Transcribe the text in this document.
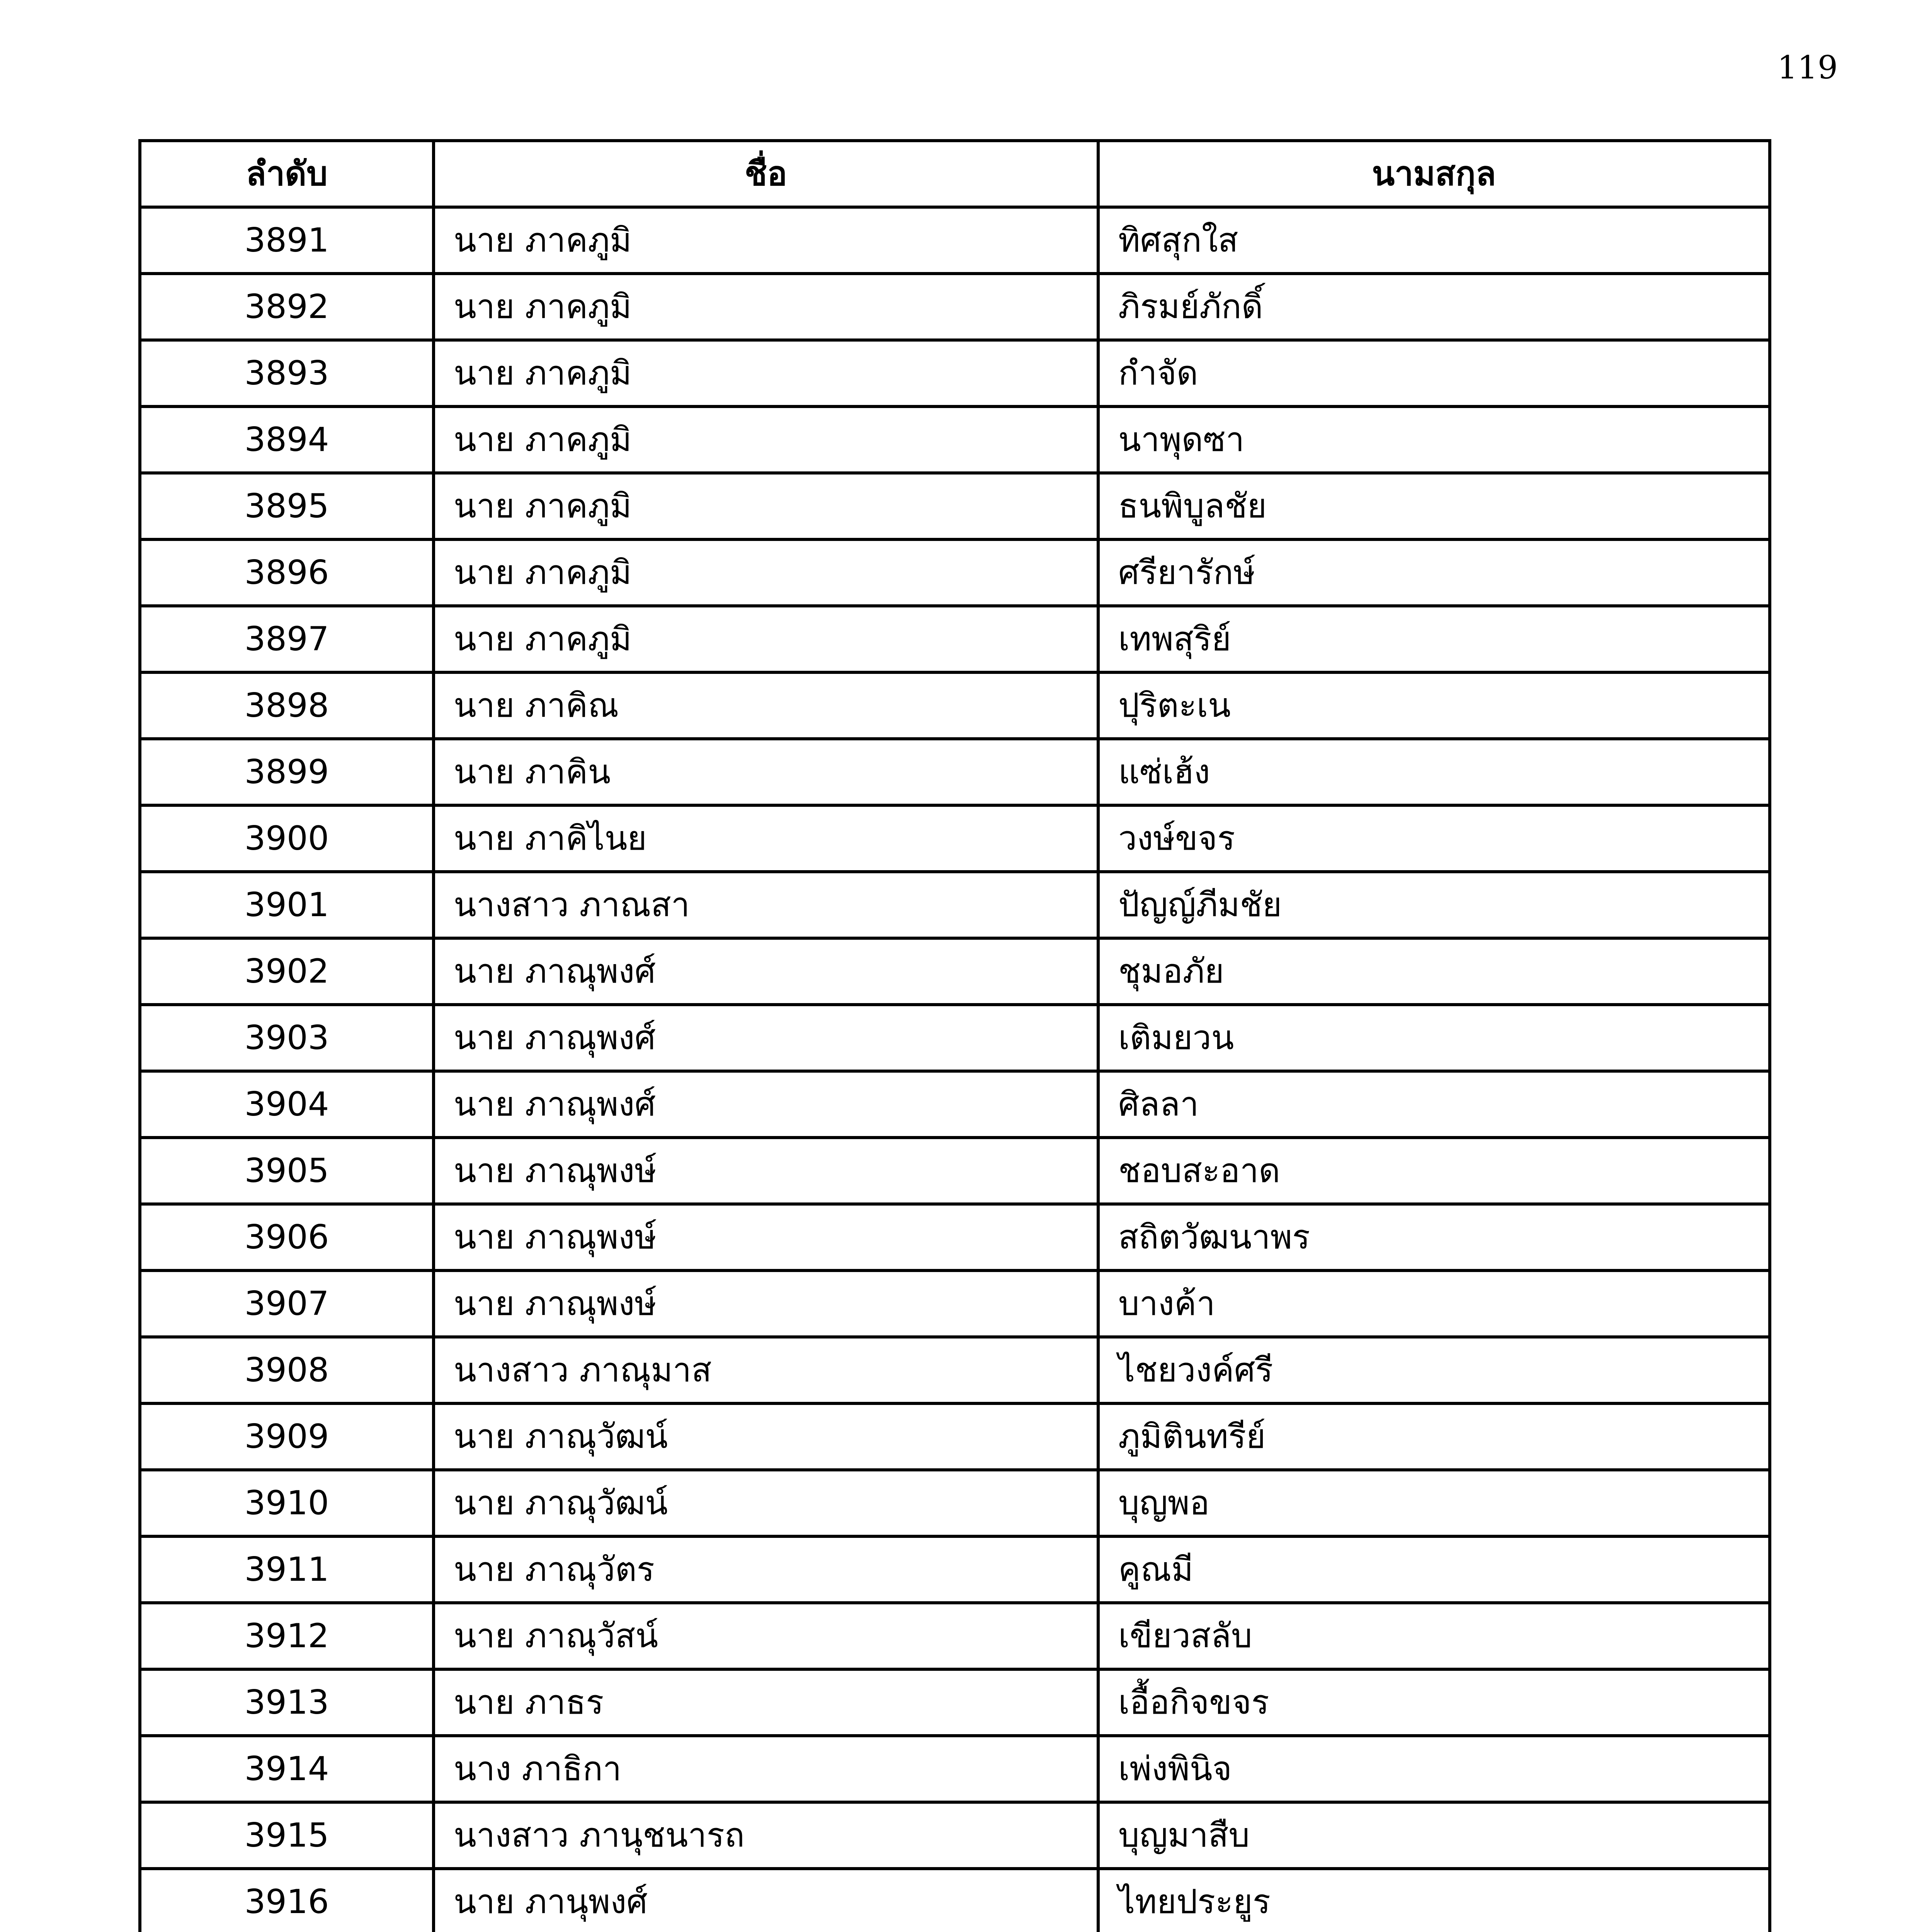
119
ลำดับ	ชื่อ	นามสกุล
3891	นาย ภาคภูมิ	ทิศสุกใส
3892	นาย ภาคภูมิ	ภิรมย์ภักดิ์
3893	นาย ภาคภูมิ	กำจัด
3894	นาย ภาคภูมิ	นาพุดซา
3895	นาย ภาคภูมิ	ธนพิบูลชัย
3896	นาย ภาคภูมิ	ศรียารักษ์
3897	นาย ภาคภูมิ	เทพสุริย์
3898	นาย ภาคิณ	ปุริตะเน
3899	นาย ภาคิน	แซ่เฮ้ง
3900	นาย ภาคิไนย	วงษ์ขจร
3901	นางสาว ภาณสา	ปัญญ์ภีมชัย
3902	นาย ภาณุพงศ์	ชุมอภัย
3903	นาย ภาณุพงศ์	เติมยวน
3904	นาย ภาณุพงศ์	ศิลลา
3905	นาย ภาณุพงษ์	ชอบสะอาด
3906	นาย ภาณุพงษ์	สถิตวัฒนาพร
3907	นาย ภาณุพงษ์	บางค้า
3908	นางสาว ภาณุมาส	ไชยวงค์ศรี
3909	นาย ภาณุวัฒน์	ภูมิตินทรีย์
3910	นาย ภาณุวัฒน์	บุญพอ
3911	นาย ภาณุวัตร	คูณมี
3912	นาย ภาณุวัสน์	เขียวสลับ
3913	นาย ภาธร	เอื้อกิจขจร
3914	นาง ภาธิกา	เพ่งพินิจ
3915	นางสาว ภานุชนารถ	บุญมาสืบ
3916	นาย ภานุพงศ์	ไทยประยูร
